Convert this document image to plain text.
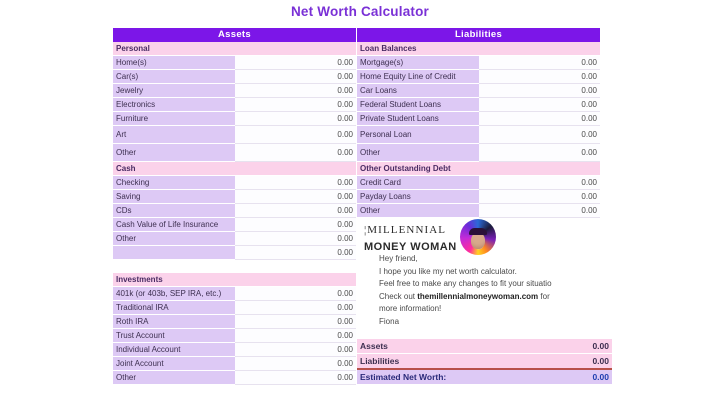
Net Worth Calculator
Assets
Personal	
Home(s)	0.00
Car(s)	0.00
Jewelry	0.00
Electronics	0.00
Furniture	0.00
Art	0.00
Other	0.00
Cash	
Checking	0.00
Saving	0.00
CDs	0.00
Cash Value of Life Insurance	0.00
Other	0.00
	0.00
Investments	
401k (or 403b, SEP IRA, etc.)	0.00
Traditional IRA	0.00
Roth IRA	0.00
Trust Account	0.00
Individual Account	0.00
Joint Account	0.00
Other	0.00
Liabilities
Loan Balances	
Mortgage(s)	0.00
Home Equity Line of Credit	0.00
Car Loans	0.00
Federal Student Loans	0.00
Private Student Loans	0.00
Personal Loan	0.00
Other	0.00
Other Outstanding Debt	
Credit Card	0.00
Payday Loans	0.00
Other	0.00
¦MILLENNIAL
MONEY WOMAN
Hey friend,
I hope you like my net worth calculator.
Feel free to make any changes to fit your situatio
Check out themillennialmoneywoman.com for
more information!
Fiona
Assets	0.00
Liabilities	0.00
Estimated Net Worth:	0.00
